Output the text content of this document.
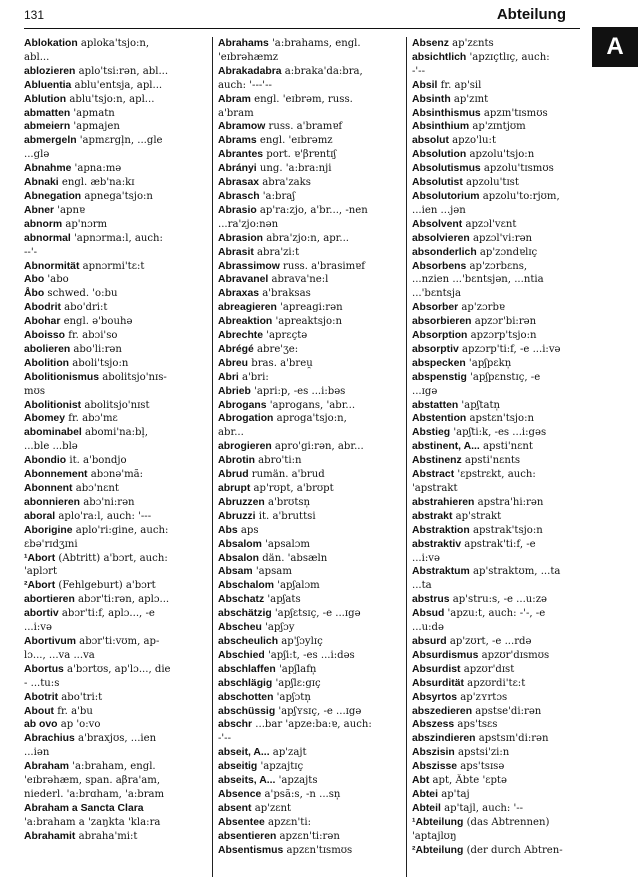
131	Abteilung
A
Ablokation aploka'tsjo:n,
abl...
ablozieren aplo'tsi:rən, abl...
Abluentia ablu'entsja, apl...
Ablution ablu'tsjo:n, apl...
abmatten 'apmatn
abmeiern 'apmajen
abmergeln 'apmɛrgl̩n, ...gle
...glə
Abnahme 'apna:mə
Abnaki engl. æb'na:kɪ
Abnegation apnega'tsjo:n
Abner 'apnɐ
abnorm ap'nɔrm
abnormal 'apnɔrma:l, auch:
--'-
Abnormität apnɔrmi'tɛ:t
Abo 'abo
Åbo schwed. 'o:bu
Abodrit abo'dri:t
Abohar engl. ə'bouhə
Aboisso fr. abɔi'so
abolieren abo'li:rən
Abolition aboli'tsjo:n
Abolitionismus abolitsjo'nɪs-
mʊs
Abolitionist abolitsjo'nɪst
Abomey fr. abɔ'mɛ
abominabel abomi'na:bl̩,
...ble ...blə
Abondio it. a'bondjo
Abonnement abɔnə'mã:
Abonnent abɔ'nɛnt
abonnieren abɔ'ni:rən
aboral aplo'ra:l, auch: '---
Aborigine aplo'ri:gine, auch:
ɛbə'rɪdʒɪni
¹Abort (Abtritt) a'bɔrt, auch:
'aplɔrt
²Abort (Fehlgeburt) a'bɔrt
abortieren abɔr'ti:rən, aplɔ...
abortiv abɔr'ti:f, aplɔ..., -e
...i:və
Abortivum abɔr'ti:vʊm, ap-
lɔ..., ...va ...va
Abortus a'bɔrtʊs, ap'lɔ..., die
- ...tu:s
Abotrit abo'tri:t
About fr. a'bu
ab ovo ap 'o:vo
Abrachius a'braxjʊs, ...ien
...iən
Abraham 'a:braham, engl.
'eɪbrəhæm, span. aβra'am,
niederl. 'a:brɑham, 'a:bram
Abraham a Sancta Clara
'a:braham a 'zaŋkta 'kla:ra
Abrahamit abraha'mi:t
Abrahams 'a:brahams, engl.
'eɪbrəhæmz
Abrakadabra a:braka'da:bra,
auch: '---'--
Abram engl. 'eɪbrəm, russ.
a'bram
Abramow russ. a'bramɐf
Abrams engl. 'eɪbrəmz
Abrantes port. ɐ'βrɐntɪʃ
Abrányi ung. 'a:bra:nji
Abrasax abra'zaks
Abrasch 'a:braʃ
Abrasio ap'ra:zjo, a'br..., -nen
...ra'zjo:nən
Abrasion abra'zjo:n, apr...
Abrasit abra'zi:t
Abrassimow russ. a'brasimɐf
Abravanel abrava'ne:l
Abraxas a'braksas
abreagieren 'apreagi:rən
Abreaktion 'apreaktsjo:n
Abrechte 'aprɛçtə
Abrégé abre'ʒe:
Abreu bras. a'breu̯
Abri a'bri:
Abrieb 'apri:p, -es ...i:bəs
Abrogans 'aprogans, 'abr...
Abrogation aproga'tsjo:n,
abr...
abrogieren apro'gi:rən, abr...
Abrotin abro'ti:n
Abrud rumän. a'brud
abrupt ap'rʊpt, a'brʊpt
Abruzzen a'brʊtsn̩
Abruzzi it. a'bruttsi
Abs aps
Absalom 'apsalɔm
Absalon dän. 'absæln
Absam 'apsam
Abschalom 'apʃalɔm
Abschatz 'apʃats
abschätzig 'apʃɛtsɪç, -e ...ɪgə
Abscheu 'apʃɔy
abscheulich ap'ʃɔylɪç
Abschied 'apʃi:t, -es ...i:dəs
abschlaffen 'apʃlafn̩
abschlägig 'apʃlɛ:gɪç
abschotten 'apʃɔtn̩
abschüssig 'apʃʏsɪç, -e ...ɪgə
abschr ...bar 'apze:ba:ɐ, auch:
-'--
abseit, A... ap'zajt
abseitig 'apzajtɪç
abseits, A... 'apzajts
Absence a'psã:s, -n ...sn̩
absent ap'zɛnt
Absentee apzɛn'ti:
absentieren apzɛn'ti:rən
Absentismus apzɛn'tɪsmʊs
Absenz ap'zɛnts
absichtlich 'apzɪçtlɪç, auch:
-'--
Absil fr. ap'sil
Absinth ap'zɪnt
Absinthismus apzɪn'tɪsmʊs
Absinthium ap'zɪntjʊm
absolut apzo'lu:t
Absolution apzolu'tsjo:n
Absolutismus apzolu'tɪsmʊs
Absolutist apzolu'tɪst
Absolutorium apzolu'to:rjʊm,
...ien ...jən
Absolvent apzɔl'vɛnt
absolvieren apzɔl'vi:rən
absonderlich ap'zɔndɐlɪç
Absorbens ap'zɔrbɛns,
...nzien ...'bɛntsjən, ...ntia
...'bɛntsja
Absorber ap'zɔrbɐ
absorbieren apzɔr'bi:rən
Absorption apzɔrp'tsjo:n
absorptiv apzɔrp'ti:f, -e ...i:və
abspecken 'apʃpɛkn̩
abspenstig 'apʃpɛnstɪç, -e
...ɪgə
abstatten 'apʃtatn̩
Abstention apstɛn'tsjo:n
Abstieg 'apʃti:k, -es ...i:gəs
abstinent, A... apsti'nɛnt
Abstinenz apsti'nɛnts
Abstract 'ɛpstrɛkt, auch:
'apstrakt
abstrahieren apstra'hi:rən
abstrakt ap'strakt
Abstraktion apstrak'tsjo:n
abstraktiv apstrak'ti:f, -e
...i:və
Abstraktum ap'straktʊm, ...ta
...ta
abstrus ap'stru:s, -e ...u:zə
Absud 'apzu:t, auch: -'-, -e
...u:də
absurd ap'zʊrt, -e ...rdə
Absurdismus apzʊr'dɪsmʊs
Absurdist apzʊr'dɪst
Absurdität apzʊrdi'tɛ:t
Absyrtos ap'zʏrtɔs
abszedieren apstse'di:rən
Abszess aps'tsɛs
abszindieren apstsɪn'di:rən
Abszisin apstsi'zi:n
Abszisse aps'tsɪsə
Abt apt, Äbte 'ɛptə
Abtei ap'taj
Abteil ap'tajl, auch: '--
¹Abteilung (das Abtrennen)
'aptajlʊŋ
²Abteilung (der durch Abtren-
